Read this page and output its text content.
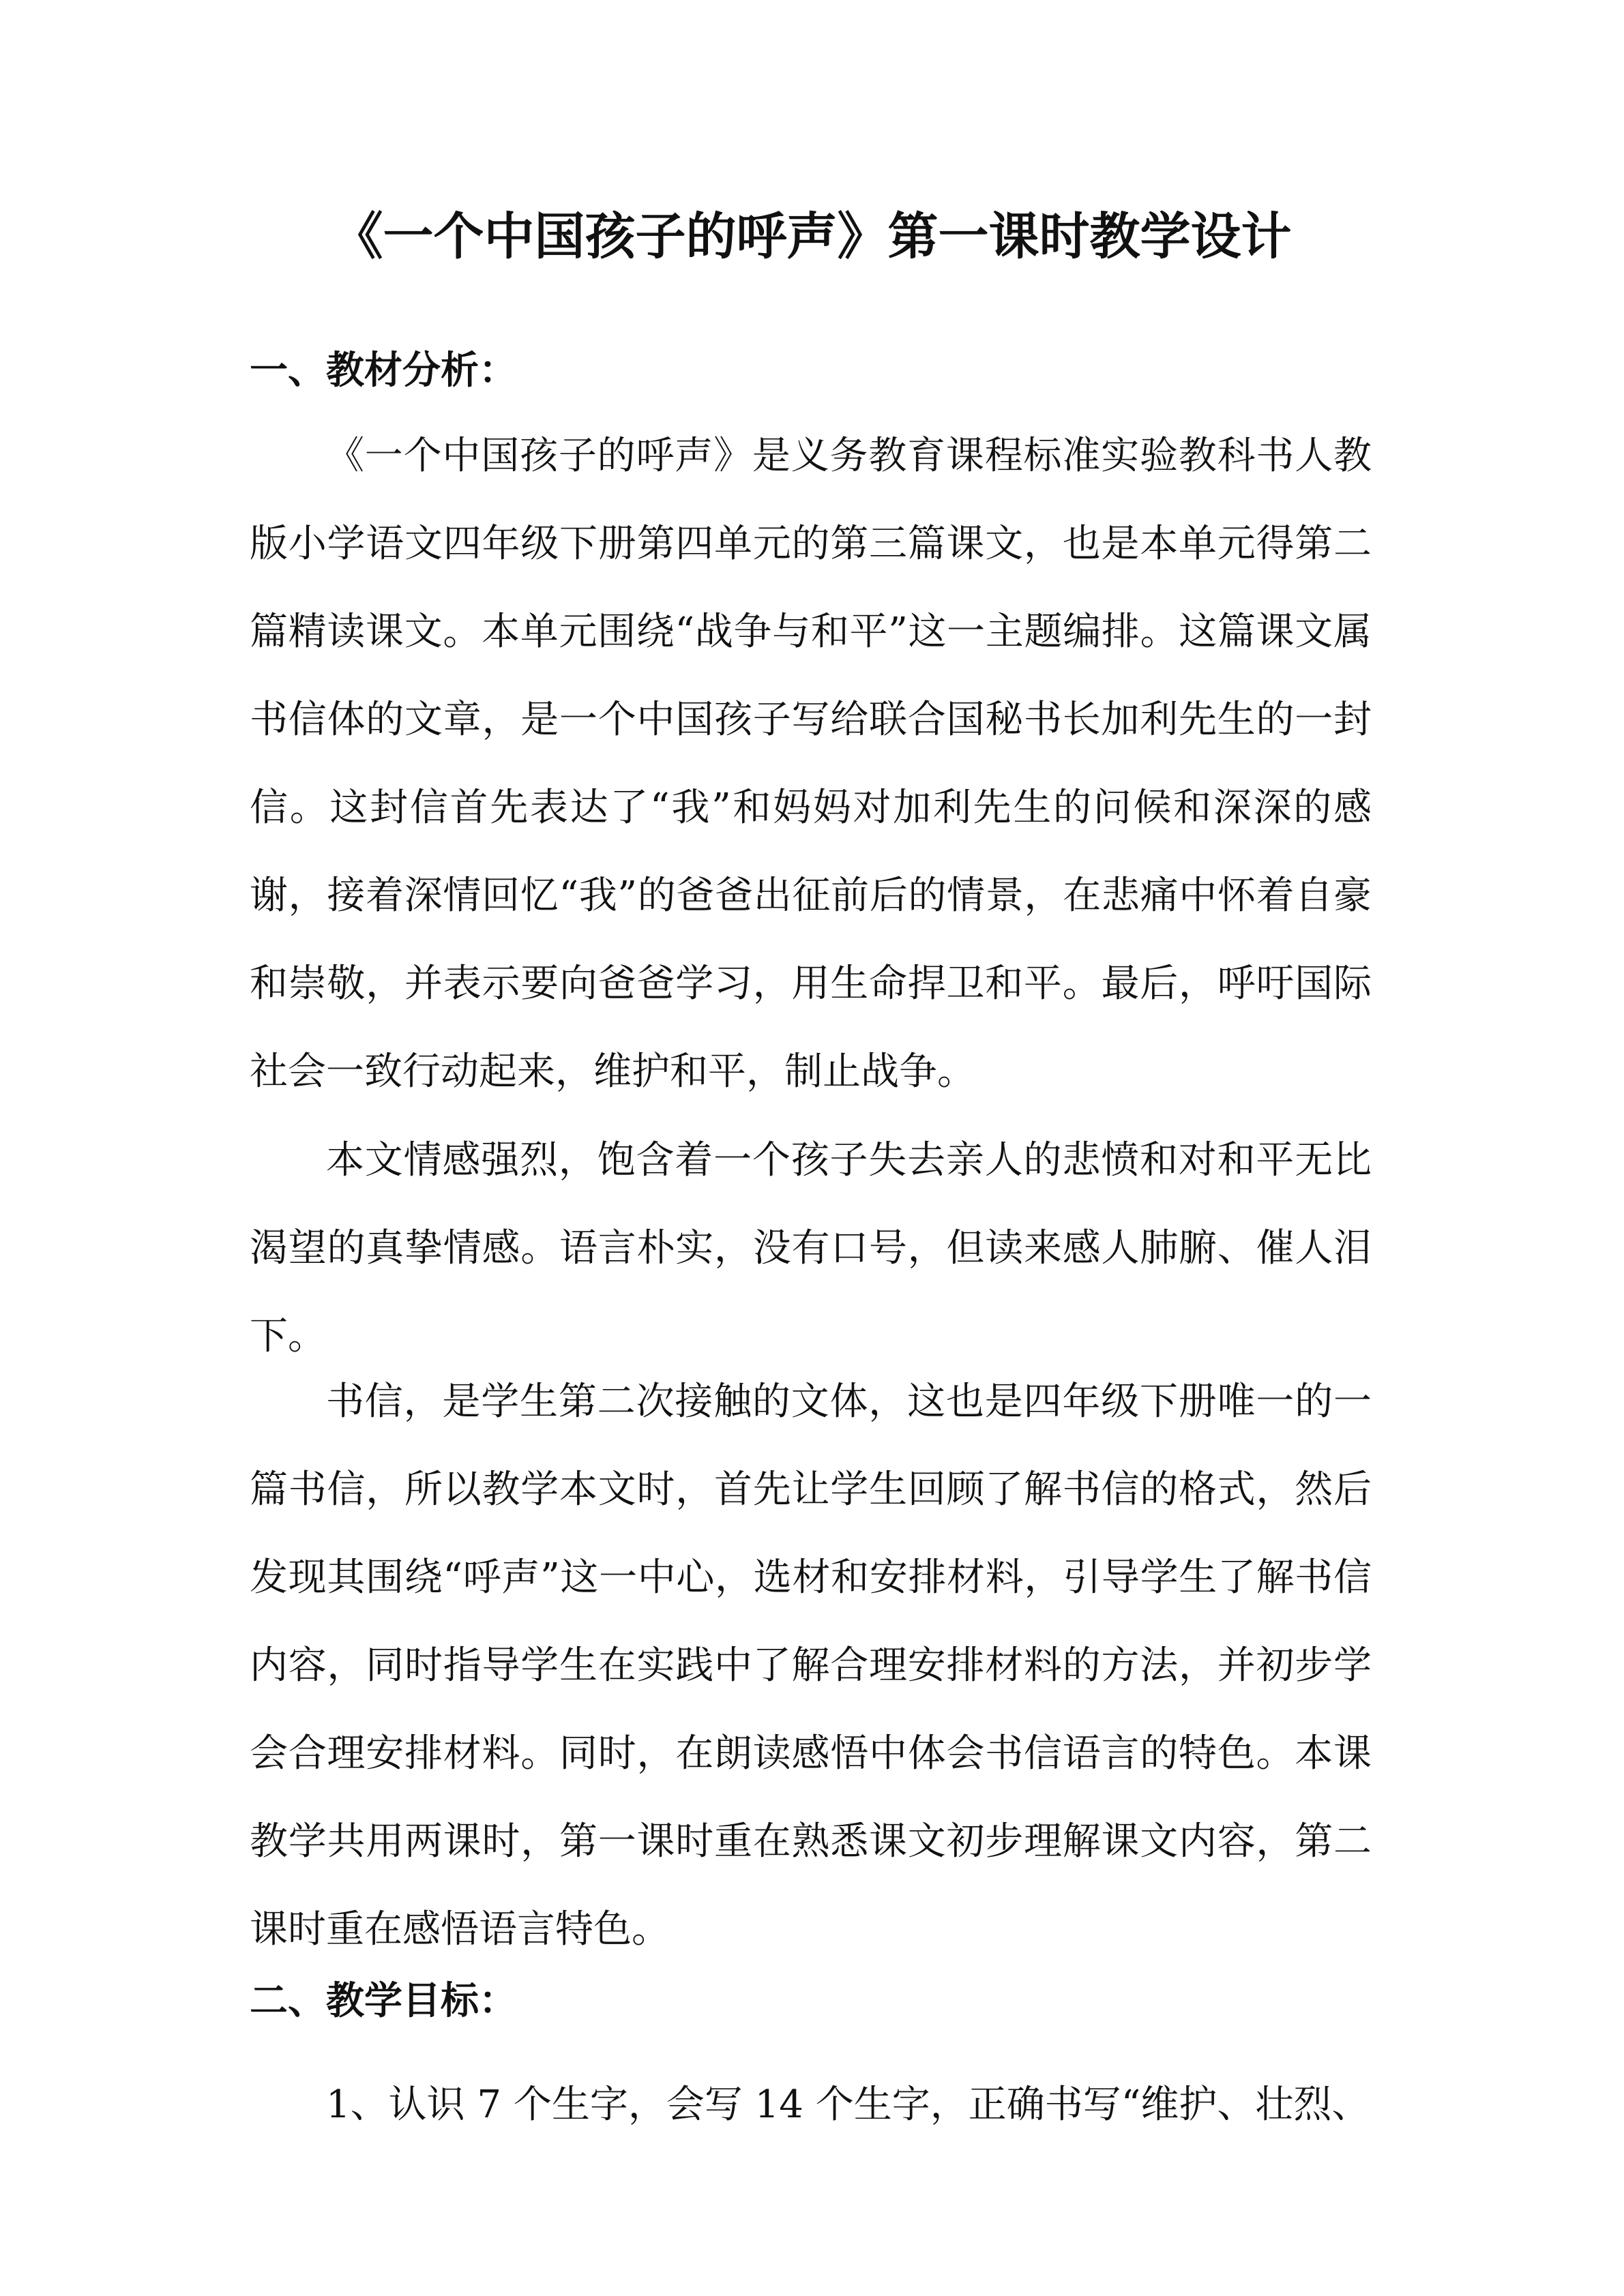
《一个中国孩子的呼声》第一课时教学设计
一、教材分析：

《一个中国孩子的呼声》是义务教育课程标准实验教科书人教版小学语文四年级下册第四单元的第三篇课文，也是本单元得第二篇精读课文。本单元围绕“战争与和平”这一主题编排。这篇课文属书信体的文章，是一个中国孩子写给联合国秘书长加利先生的一封信。这封信首先表达了“我”和妈妈对加利先生的问候和深深的感谢，接着深情回忆“我”的爸爸出征前后的情景，在悲痛中怀着自豪和崇敬，并表示要向爸爸学习，用生命捍卫和平。最后，呼吁国际社会一致行动起来，维护和平，制止战争。

本文情感强烈，饱含着一个孩子失去亲人的悲愤和对和平无比渴望的真挚情感。语言朴实，没有口号，但读来感人肺腑、催人泪下。

书信，是学生第二次接触的文体，这也是四年级下册唯一的一篇书信，所以教学本文时，首先让学生回顾了解书信的格式，然后发现其围绕“呼声”这一中心，选材和安排材料，引导学生了解书信内容，同时指导学生在实践中了解合理安排材料的方法，并初步学会合理安排材料。同时，在朗读感悟中体会书信语言的特色。本课教学共用两课时，第一课时重在熟悉课文初步理解课文内容，第二课时重在感悟语言特色。

二、教学目标：

1、认识 7 个生字，会写 14 个生字，正确书写“维护、壮烈、
